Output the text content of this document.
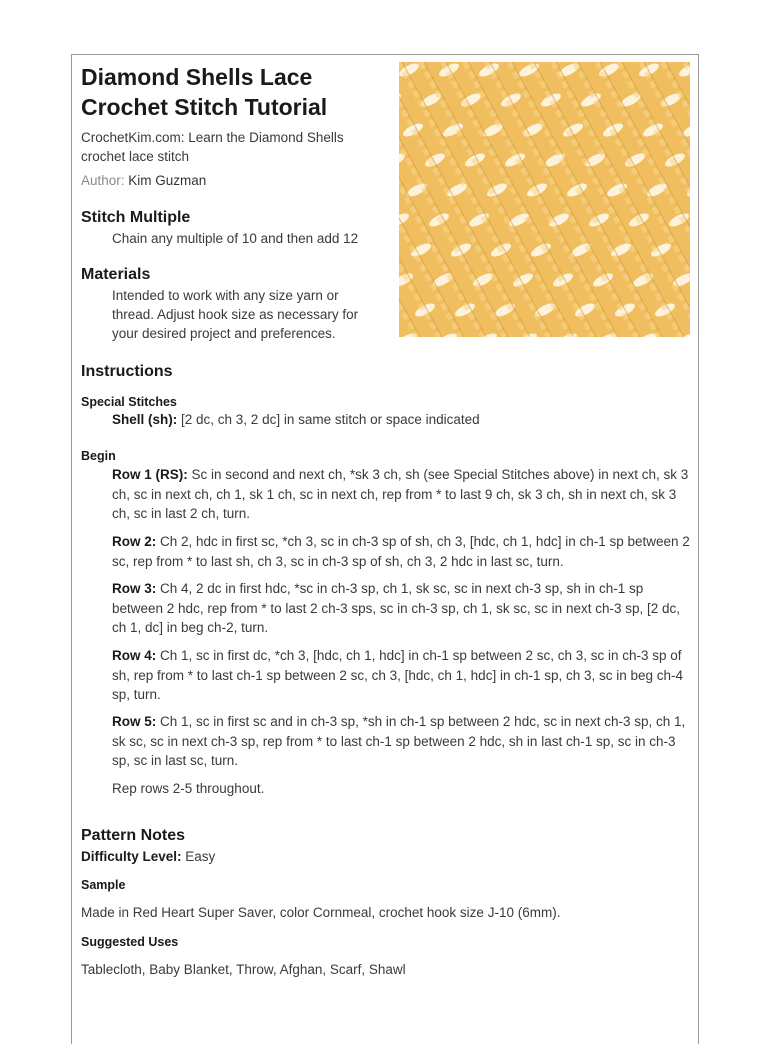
Diamond Shells Lace Crochet Stitch Tutorial

CrochetKim.com: Learn the Diamond Shells crochet lace stitch

Author: Kim Guzman
Stitch Multiple
Chain any multiple of 10 and then add 12
Materials
Intended to work with any size yarn or thread. Adjust hook size as necessary for your desired project and preferences.
Instructions
Special Stitches
Shell (sh): [2 dc, ch 3, 2 dc] in same stitch or space indicated
Begin
Row 1 (RS): Sc in second and next ch, *sk 3 ch, sh (see Special Stitches above) in next ch, sk 3 ch, sc in next ch, ch 1, sk 1 ch, sc in next ch, rep from * to last 9 ch, sk 3 ch, sh in next ch, sk 3 ch, sc in last 2 ch, turn.
Row 2: Ch 2, hdc in first sc, *ch 3, sc in ch-3 sp of sh, ch 3, [hdc, ch 1, hdc] in ch-1 sp between 2 sc, rep from * to last sh, ch 3, sc in ch-3 sp of sh, ch 3, 2 hdc in last sc, turn.
Row 3: Ch 4, 2 dc in first hdc, *sc in ch-3 sp, ch 1, sk sc, sc in next ch-3 sp, sh in ch-1 sp between 2 hdc, rep from * to last 2 ch-3 sps, sc in ch-3 sp, ch 1, sk sc, sc in next ch-3 sp, [2 dc, ch 1, dc] in beg ch-2, turn.
Row 4: Ch 1, sc in first dc, *ch 3, [hdc, ch 1, hdc] in ch-1 sp between 2 sc, ch 3, sc in ch-3 sp of sh, rep from * to last ch-1 sp between 2 sc, ch 3, [hdc, ch 1, hdc] in ch-1 sp, ch 3, sc in beg ch-4 sp, turn.
Row 5: Ch 1, sc in first sc and in ch-3 sp, *sh in ch-1 sp between 2 hdc, sc in next ch-3 sp, ch 1, sk sc, sc in next ch-3 sp, rep from * to last ch-1 sp between 2 hdc, sh in last ch-1 sp, sc in ch-3 sp, sc in last sc, turn.
Rep rows 2-5 throughout.
Pattern Notes
Difficulty Level: Easy
Sample
Made in Red Heart Super Saver, color Cornmeal, crochet hook size J-10 (6mm).
Suggested Uses
Tablecloth, Baby Blanket, Throw, Afghan, Scarf, Shawl
